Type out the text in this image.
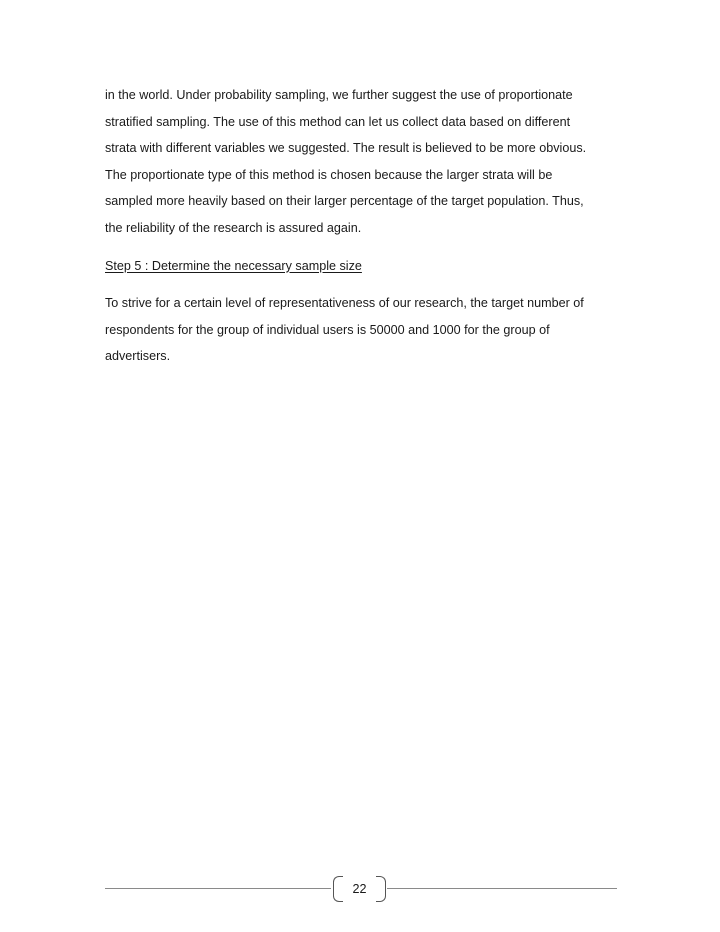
in the world. Under probability sampling, we further suggest the use of proportionate
stratified sampling. The use of this method can let us collect data based on different
strata with different variables we suggested. The result is believed to be more obvious.
The proportionate type of this method is chosen because the larger strata will be
sampled more heavily based on their larger percentage of the target population. Thus,
the reliability of the research is assured again.
Step 5 : Determine the necessary sample size
To strive for a certain level of representativeness of our research, the target number of
respondents for the group of individual users is 50000 and 1000 for the group of
advertisers.
22
